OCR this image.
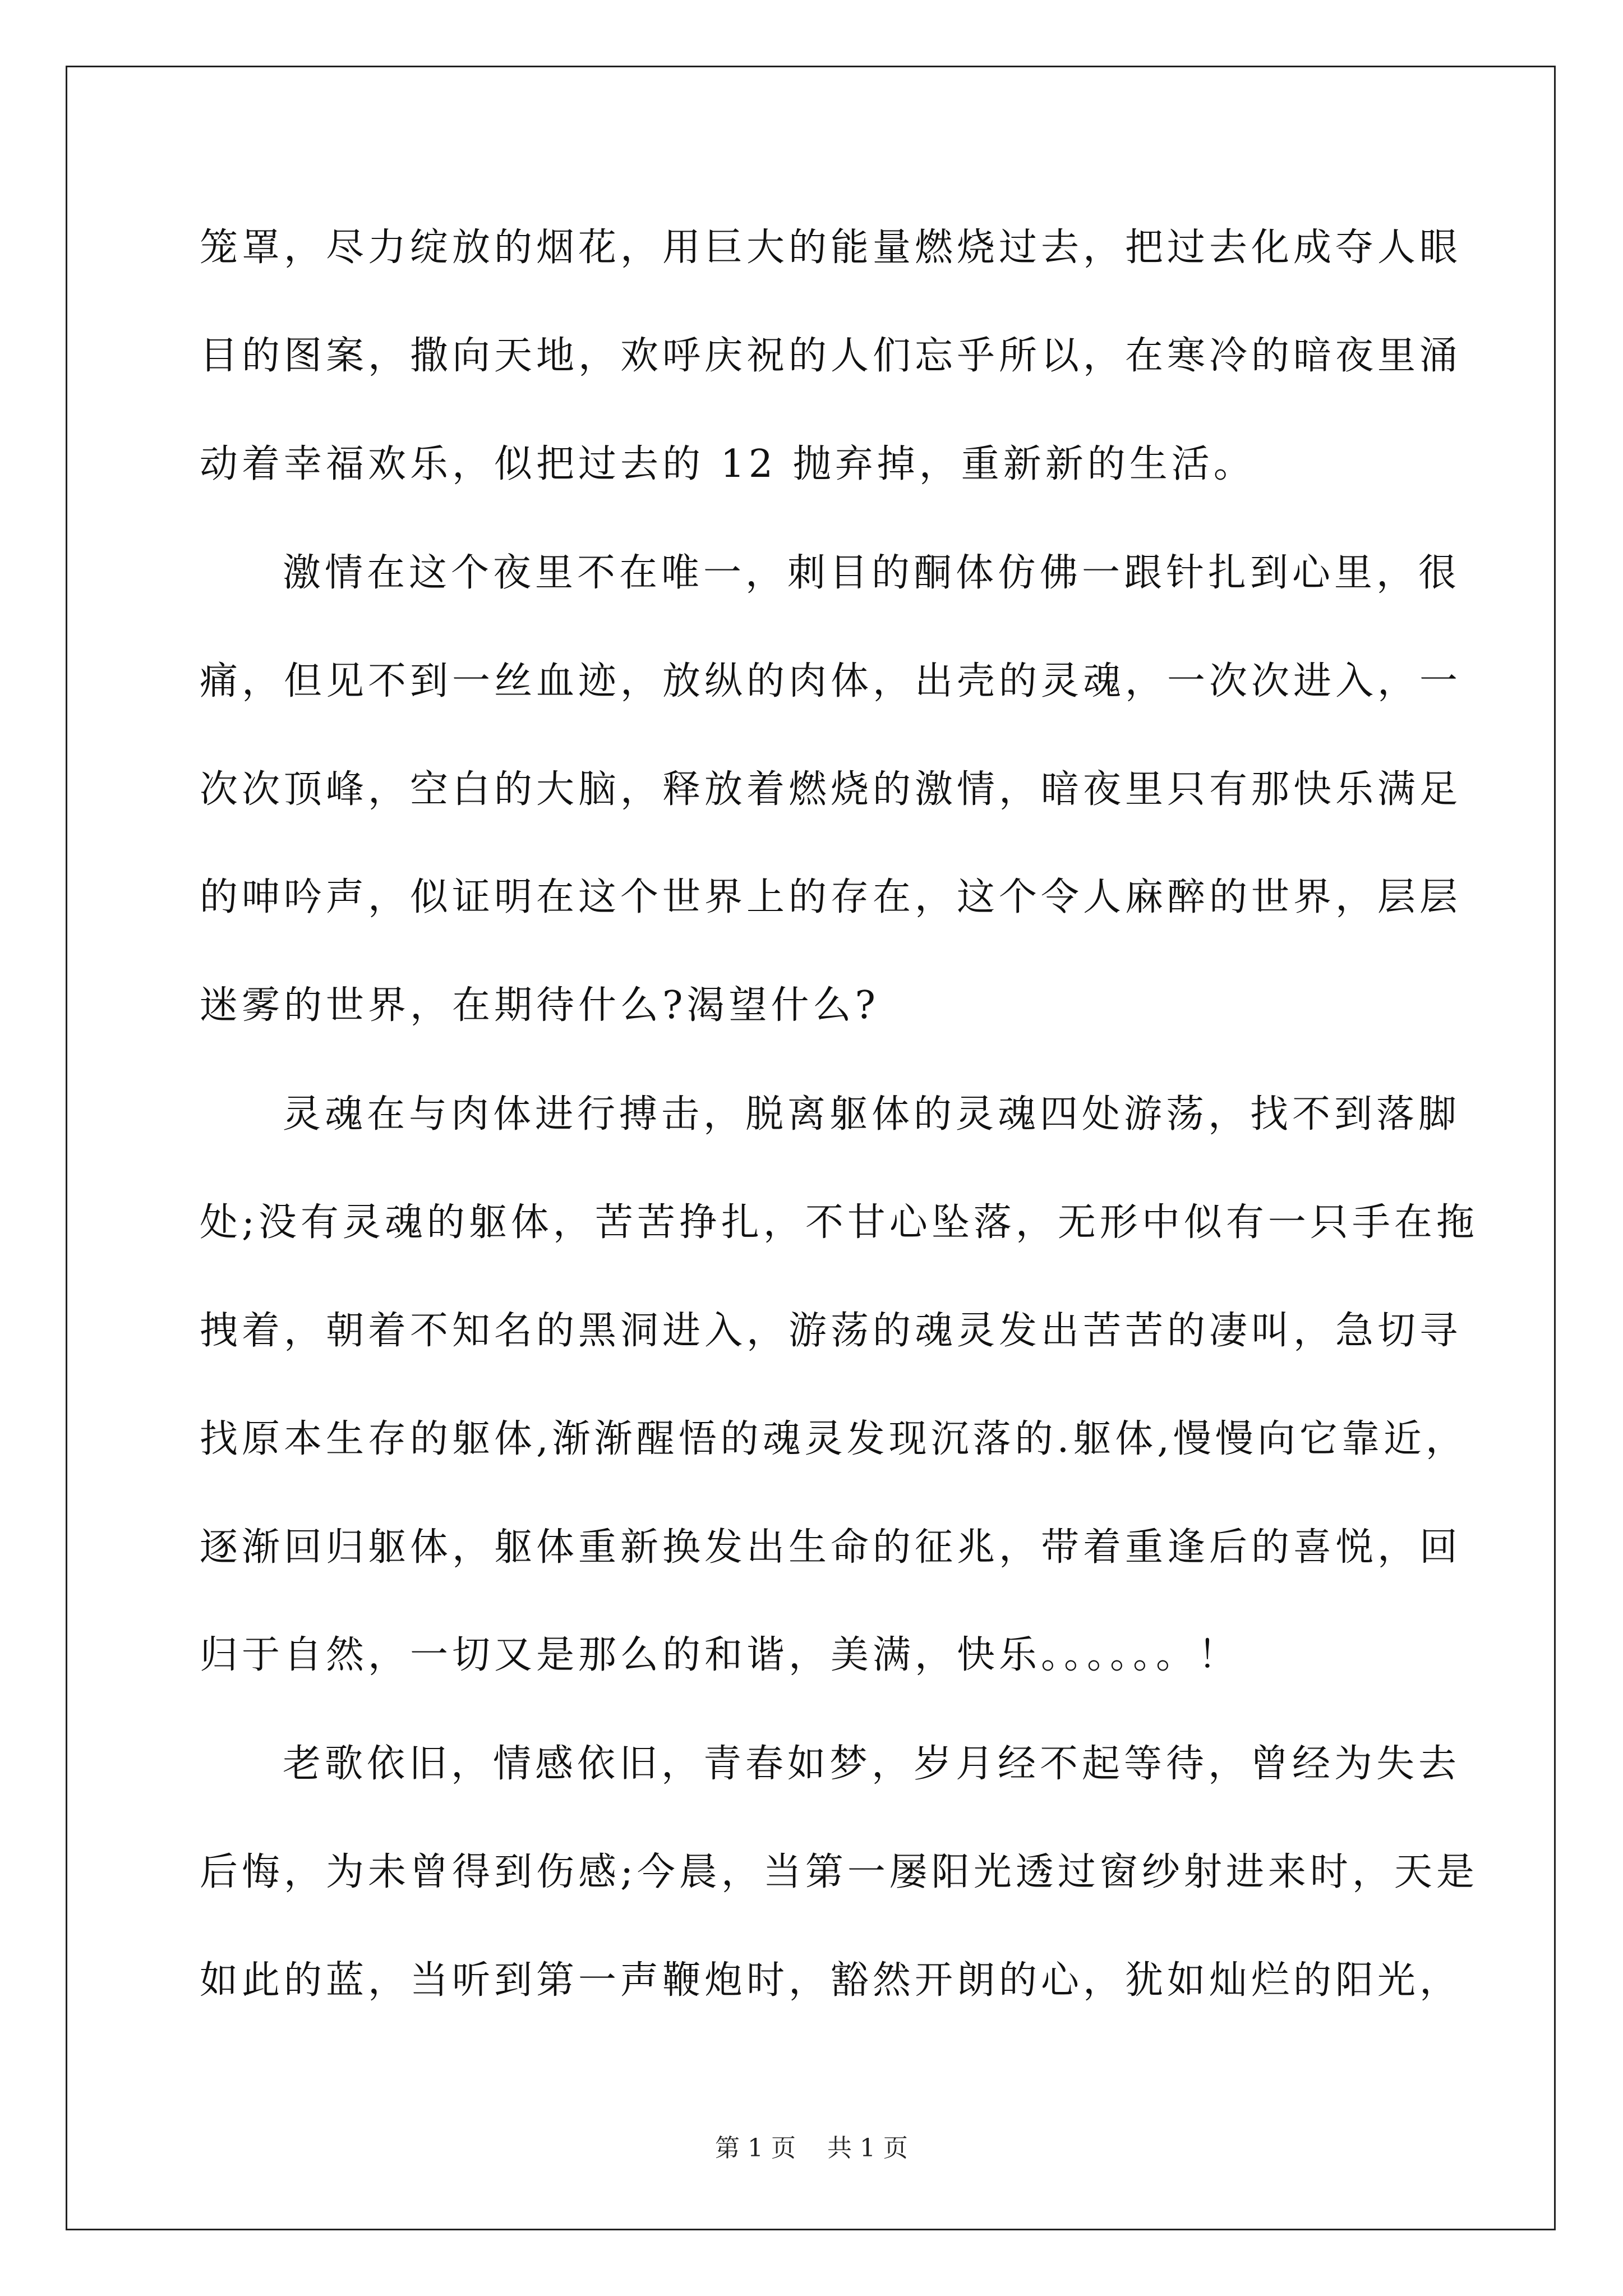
笼罩，尽力绽放的烟花，用巨大的能量燃烧过去，把过去化成夺人眼
目的图案，撒向天地，欢呼庆祝的人们忘乎所以，在寒冷的暗夜里涌
动着幸福欢乐，似把过去的 12 抛弃掉，重新新的生活。
激情在这个夜里不在唯一，刺目的酮体仿佛一跟针扎到心里，很
痛，但见不到一丝血迹，放纵的肉体，出壳的灵魂，一次次进入，一
次次顶峰，空白的大脑，释放着燃烧的激情，暗夜里只有那快乐满足
的呻吟声，似证明在这个世界上的存在，这个令人麻醉的世界，层层
迷雾的世界，在期待什么?渴望什么?
灵魂在与肉体进行搏击，脱离躯体的灵魂四处游荡，找不到落脚
处;没有灵魂的躯体，苦苦挣扎，不甘心坠落，无形中似有一只手在拖
拽着，朝着不知名的黑洞进入，游荡的魂灵发出苦苦的凄叫，急切寻
找原本生存的躯体,渐渐醒悟的魂灵发现沉落的.躯体,慢慢向它靠近，
逐渐回归躯体，躯体重新换发出生命的征兆，带着重逢后的喜悦，回
归于自然，一切又是那么的和谐，美满，快乐。。。。。。！
老歌依旧，情感依旧，青春如梦，岁月经不起等待，曾经为失去
后悔，为未曾得到伤感;今晨，当第一屡阳光透过窗纱射进来时，天是
如此的蓝，当听到第一声鞭炮时，豁然开朗的心，犹如灿烂的阳光，
第 1 页    共 1 页
